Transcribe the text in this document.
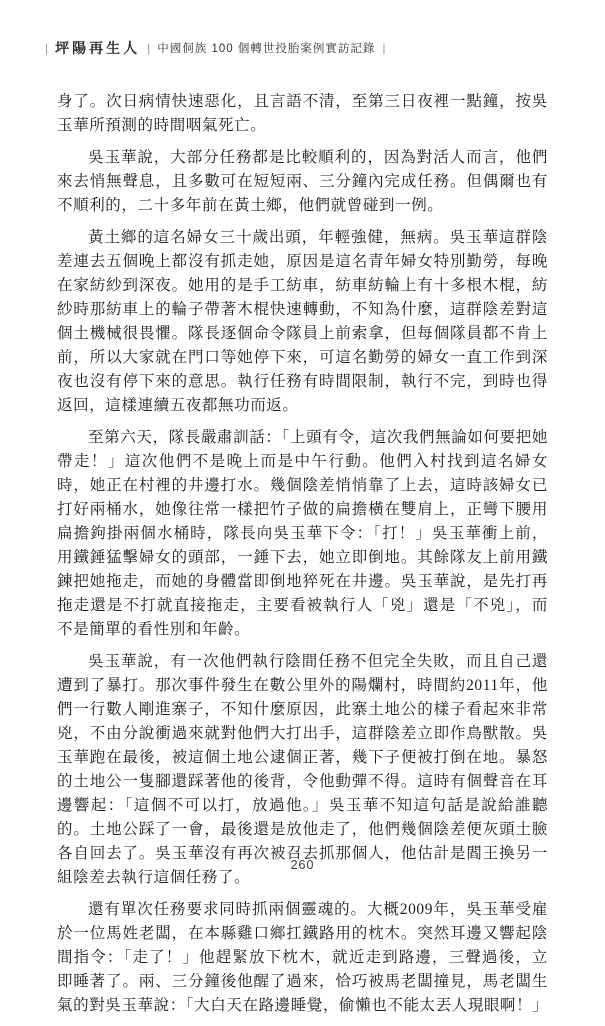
| 坪陽再生人 | 中國侗族 100 個轉世投胎案例實訪記錄 |

身了。次日病情快速惡化，且言語不清，至第三日夜裡一點鐘，按吳玉華所預測的時間咽氣死亡。

吳玉華說，大部分任務都是比較順利的，因為對活人而言，他們來去悄無聲息，且多數可在短短兩、三分鐘內完成任務。但偶爾也有不順利的，二十多年前在黃土鄉，他們就曾碰到一例。

黃土鄉的這名婦女三十歲出頭，年輕強健，無病。吳玉華這群陰差連去五個晚上都沒有抓走她，原因是這名青年婦女特別勤勞，每晚在家紡紗到深夜。她用的是手工紡車，紡車紡輪上有十多根木棍，紡紗時那紡車上的輪子帶著木棍快速轉動，不知為什麼，這群陰差對這個土機械很畏懼。隊長逐個命令隊員上前索拿，但每個隊員都不肯上前，所以大家就在門口等她停下來，可這名勤勞的婦女一直工作到深夜也沒有停下來的意思。執行任務有時間限制，執行不完，到時也得返回，這樣連續五夜都無功而返。

至第六天，隊長嚴肅訓話：「上頭有令，這次我們無論如何要把她帶走！」這次他們不是晚上而是中午行動。他們入村找到這名婦女時，她正在村裡的井邊打水。幾個陰差悄悄靠了上去，這時該婦女已打好兩桶水，她像往常一樣把竹子做的扁擔橫在雙肩上，正彎下腰用扁擔鉤掛兩個水桶時，隊長向吳玉華下令：「打！」吳玉華衝上前，用鐵錘猛擊婦女的頭部，一錘下去，她立即倒地。其餘隊友上前用鐵鍊把她拖走，而她的身體當即倒地猝死在井邊。吳玉華說，是先打再拖走還是不打就直接拖走，主要看被執行人「兇」還是「不兇」，而不是簡單的看性別和年齡。

吳玉華說，有一次他們執行陰間任務不但完全失敗，而且自己還遭到了暴打。那次事件發生在數公里外的陽爛村，時間約2011年，他們一行數人剛進寨子，不知什麼原因，此寨土地公的樣子看起來非常兇，不由分說衝過來就對他們大打出手，這群陰差立即作鳥獸散。吳玉華跑在最後，被這個土地公逮個正著，幾下子便被打倒在地。暴怒的土地公一隻腳還踩著他的後背，令他動彈不得。這時有個聲音在耳邊響起：「這個不可以打，放過他。」吳玉華不知這句話是說給誰聽的。土地公踩了一會，最後還是放他走了，他們幾個陰差便灰頭土臉各自回去了。吳玉華沒有再次被召去抓那個人，他估計是閻王換另一組陰差去執行這個任務了。

還有單次任務要求同時抓兩個靈魂的。大概2009年，吳玉華受雇於一位馬姓老闆，在本縣雞口鄉扛鐵路用的枕木。突然耳邊又響起陰間指令：「走了！」他趕緊放下枕木，就近走到路邊，三聲過後，立即睡著了。兩、三分鐘後他醒了過來，恰巧被馬老闆撞見，馬老闆生氣的對吳玉華說：「大白天在路邊睡覺，偷懶也不能太丟人現眼啊！」

260
